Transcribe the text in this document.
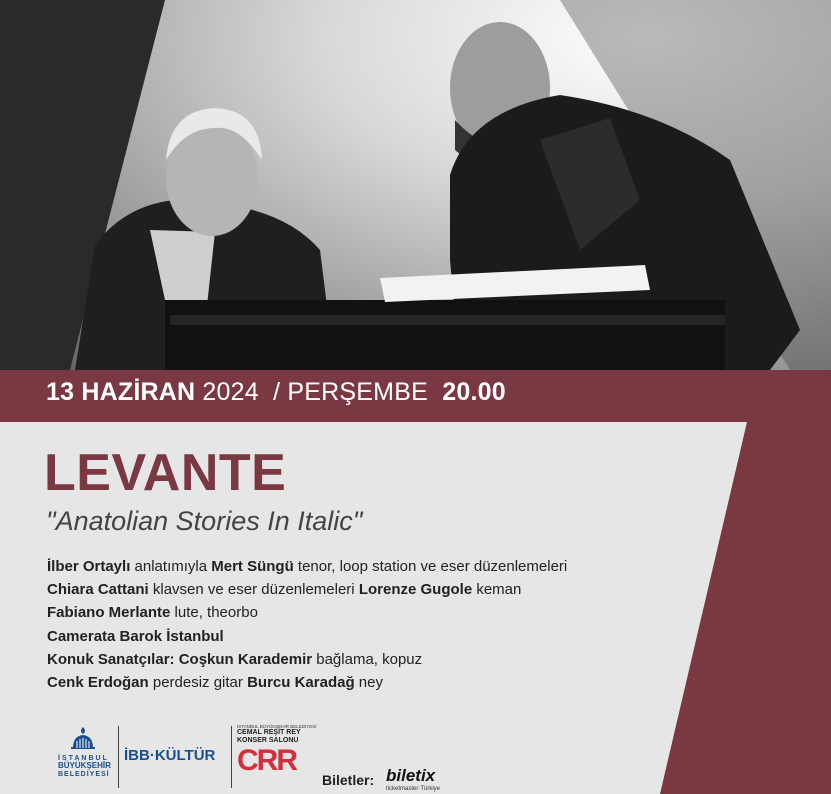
13 HAZİRAN 2024 / PERŞEMBE 20.00
LEVANTE

"Anatolian Stories In Italic"

İlber Ortaylı anlatımıyla Mert Süngü tenor, loop station ve eser düzenlemeleri
Chiara Cattani klavsen ve eser düzenlemeleri Lorenze Gugole keman
Fabiano Merlante lute, theorbo
Camerata Barok İstanbul
Konuk Sanatçılar: Coşkun Karademir bağlama, kopuz
Cenk Erdoğan perdesiz gitar Burcu Karadağ ney
İSTANBUL
BÜYÜKŞEHİR
BELEDİYESİ
İBB·KÜLTÜR
İSTANBUL BÜYÜKŞEHİR BELEDİYESİ
CEMAL REŞİT REY
KONSER SALONU
CRR
Biletler: biletix
ticketmaster·Türkiye
